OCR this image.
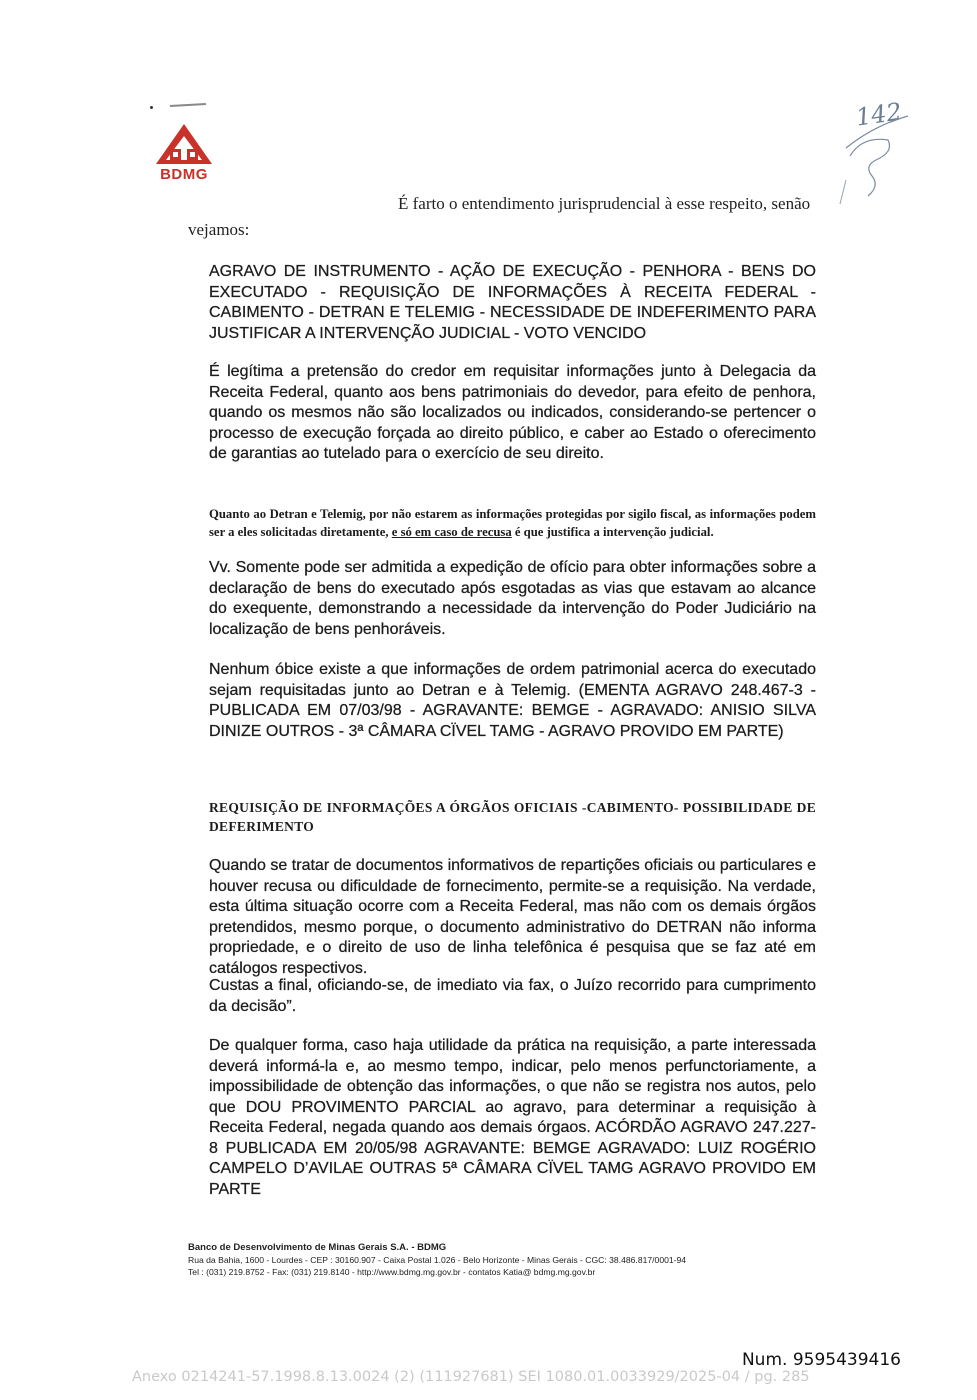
BDMG
142
É farto o entendimento jurisprudencial à esse respeito, senão
vejamos:
AGRAVO DE INSTRUMENTO - AÇÃO DE EXECUÇÃO - PENHORA - BENS DO EXECUTADO - REQUISIÇÃO DE INFORMAÇÕES À RECEITA FEDERAL - CABIMENTO - DETRAN E TELEMIG - NECESSIDADE DE INDEFERIMENTO PARA JUSTIFICAR A INTERVENÇÃO JUDICIAL - VOTO VENCIDO
É legítima a pretensão do credor em requisitar informações junto à Delegacia da Receita Federal, quanto aos bens patrimoniais do devedor, para efeito de penhora, quando os mesmos não são localizados ou indicados, considerando-se pertencer o processo de execução forçada ao direito público, e caber ao Estado o oferecimento de garantias ao tutelado para o exercício de seu direito.
Quanto ao Detran e Telemig, por não estarem as informações protegidas por sigilo fiscal, as informações podem ser a eles solicitadas diretamente, e só em caso de recusa é que justifica a intervenção judicial.
Vv. Somente pode ser admitida a expedição de ofício para obter informações sobre a declaração de bens do executado após esgotadas as vias que estavam ao alcance do exequente, demonstrando a necessidade da intervenção do Poder Judiciário na localização de bens penhoráveis.
Nenhum óbice existe a que informações de ordem patrimonial acerca do executado sejam requisitadas junto ao Detran e à Telemig. (EMENTA AGRAVO 248.467-3 - PUBLICADA EM 07/03/98 - AGRAVANTE: BEMGE - AGRAVADO: ANISIO SILVA DINIZE OUTROS - 3ª CÂMARA CÏVEL TAMG - AGRAVO PROVIDO EM PARTE)
REQUISIÇÃO DE INFORMAÇÕES A ÓRGÃOS OFICIAIS -CABIMENTO- POSSIBILIDADE DE DEFERIMENTO
Quando se tratar de documentos informativos de repartições oficiais ou particulares e houver recusa ou dificuldade de fornecimento, permite-se a requisição. Na verdade, esta última situação ocorre com a Receita Federal, mas não com os demais órgãos pretendidos, mesmo porque, o documento administrativo do DETRAN não informa propriedade, e o direito de uso de linha telefônica é pesquisa que se faz até em catálogos respectivos.
Custas a final, oficiando-se, de imediato via fax, o Juízo recorrido para cumprimento da decisão”.
De qualquer forma, caso haja utilidade da prática na requisição, a parte interessada deverá informá-la e, ao mesmo tempo, indicar, pelo menos perfunctoriamente, a impossibilidade de obtenção das informações, o que não se registra nos autos, pelo que DOU PROVIMENTO PARCIAL ao agravo, para determinar a requisição à Receita Federal, negada quando aos demais órgaos. ACÓRDÃO AGRAVO 247.227-8 PUBLICADA EM 20/05/98 AGRAVANTE: BEMGE AGRAVADO: LUIZ ROGÉRIO CAMPELO D’AVILAE OUTRAS 5ª CÂMARA CÏVEL TAMG AGRAVO PROVIDO EM PARTE
Banco de Desenvolvimento de Minas Gerais S.A. - BDMG
Rua da Bahia, 1600 - Lourdes - CEP : 30160.907 - Caixa Postal 1.026 - Belo Horizonte - Minas Gerais - CGC: 38.486.817/0001-94
Tel : (031) 219.8752 - Fax: (031) 219.8140 - http://www.bdmg.mg.gov.br - contatos Katia@ bdmg.mg.gov.br
Num. 9595439416
Anexo 0214241-57.1998.8.13.0024 (2) (111927681) SEI 1080.01.0033929/2025-04 / pg. 285
